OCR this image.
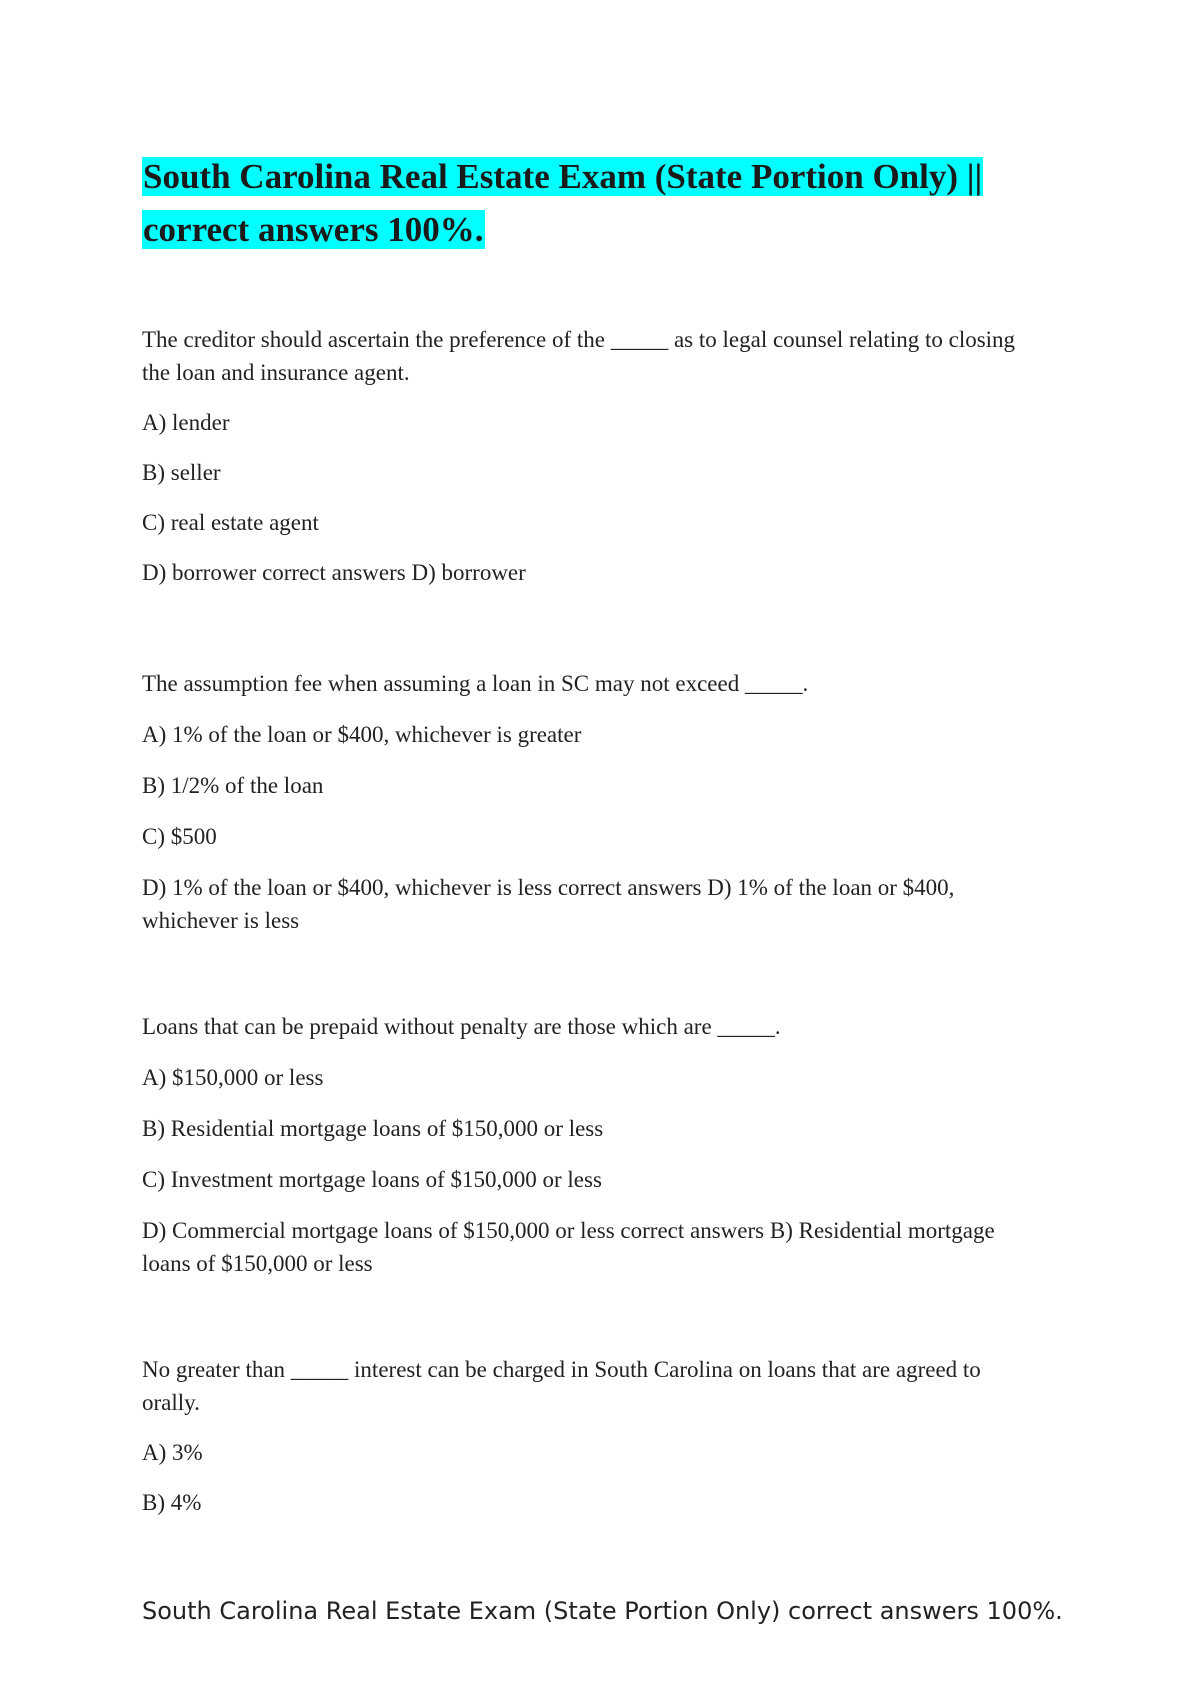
South Carolina Real Estate Exam (State Portion Only) || correct answers 100%.

The creditor should ascertain the preference of the _____ as to legal counsel relating to closing the loan and insurance agent.

A) lender

B) seller

C) real estate agent

D) borrower correct answers D) borrower

The assumption fee when assuming a loan in SC may not exceed _____.

A) 1% of the loan or $400, whichever is greater

B) 1/2% of the loan

C) $500

D) 1% of the loan or $400, whichever is less correct answers D) 1% of the loan or $400, whichever is less

Loans that can be prepaid without penalty are those which are _____.

A) $150,000 or less

B) Residential mortgage loans of $150,000 or less

C) Investment mortgage loans of $150,000 or less

D) Commercial mortgage loans of $150,000 or less correct answers B) Residential mortgage loans of $150,000 or less

No greater than _____ interest can be charged in South Carolina on loans that are agreed to orally.

A) 3%

B) 4%

South Carolina Real Estate Exam (State Portion Only) correct answers 100%.
